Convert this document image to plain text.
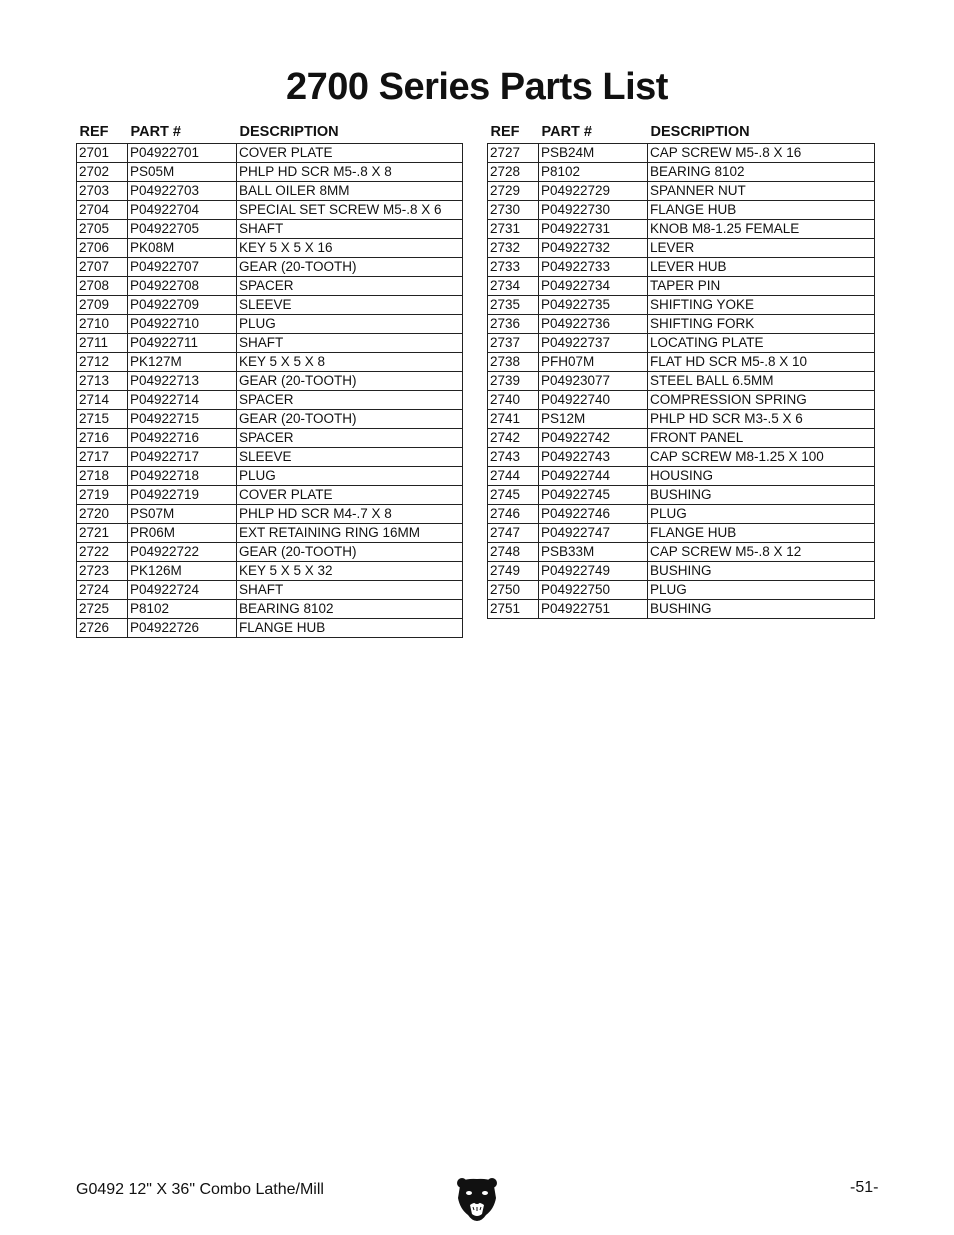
2700 Series Parts List
REF	PART #	DESCRIPTION
2701	P04922701	COVER PLATE
2702	PS05M	PHLP HD SCR M5-.8 X 8
2703	P04922703	BALL OILER 8MM
2704	P04922704	SPECIAL SET SCREW M5-.8 X 6
2705	P04922705	SHAFT
2706	PK08M	KEY 5 X 5 X 16
2707	P04922707	GEAR (20-TOOTH)
2708	P04922708	SPACER
2709	P04922709	SLEEVE
2710	P04922710	PLUG
2711	P04922711	SHAFT
2712	PK127M	KEY 5 X 5 X 8
2713	P04922713	GEAR (20-TOOTH)
2714	P04922714	SPACER
2715	P04922715	GEAR (20-TOOTH)
2716	P04922716	SPACER
2717	P04922717	SLEEVE
2718	P04922718	PLUG
2719	P04922719	COVER PLATE
2720	PS07M	PHLP HD SCR M4-.7 X 8
2721	PR06M	EXT RETAINING RING 16MM
2722	P04922722	GEAR (20-TOOTH)
2723	PK126M	KEY 5 X 5 X 32
2724	P04922724	SHAFT
2725	P8102	BEARING 8102
2726	P04922726	FLANGE HUB
REF	PART #	DESCRIPTION
2727	PSB24M	CAP SCREW M5-.8 X 16
2728	P8102	BEARING 8102
2729	P04922729	SPANNER NUT
2730	P04922730	FLANGE HUB
2731	P04922731	KNOB M8-1.25 FEMALE
2732	P04922732	LEVER
2733	P04922733	LEVER HUB
2734	P04922734	TAPER PIN
2735	P04922735	SHIFTING YOKE
2736	P04922736	SHIFTING FORK
2737	P04922737	LOCATING PLATE
2738	PFH07M	FLAT HD SCR M5-.8 X 10
2739	P04923077	STEEL BALL 6.5MM
2740	P04922740	COMPRESSION SPRING
2741	PS12M	PHLP HD SCR M3-.5 X 6
2742	P04922742	FRONT PANEL
2743	P04922743	CAP SCREW M8-1.25 X 100
2744	P04922744	HOUSING
2745	P04922745	BUSHING
2746	P04922746	PLUG
2747	P04922747	FLANGE HUB
2748	PSB33M	CAP SCREW M5-.8 X 12
2749	P04922749	BUSHING
2750	P04922750	PLUG
2751	P04922751	BUSHING
G0492 12" X 36" Combo Lathe/Mill	-51-
